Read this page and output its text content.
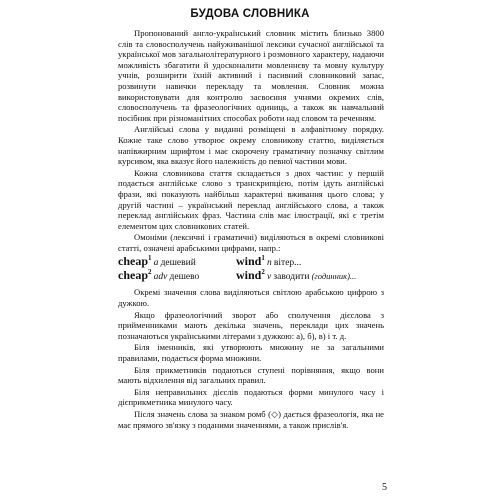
БУДОВА СЛОВНИКА

Пропонований англо-український словник містить близько 3800 слів та словосполучень найуживанішої лексики сучасної англійської та української мов загальнолітературного і розмовного характеру, надаючи можливість збагатити й удосконалити мовленнєву та мовну культуру учнів, розширити їхній активний і пасивний словниковий запас, розвинути навички перекладу та мовлення. Словник можна використовувати для контролю засвоєння учнями окремих слів, словосполучень та фразеологічних одиниць, а також як навчальний посібник при різноманітних способах роботи над словом та реченням.

Англійські слова у виданні розміщені в алфавітному порядку. Кожне таке слово утворює окрему словникову статтю, виділяється напівжирним шрифтом і має скорочену граматичну позначку світлим курсивом, яка вказує його належність до певної частини мови.

Кожна словникова стаття складається з двох частин: у першій подається англійське слово з транскрипцією, потім ідуть англійські фрази, які показують найбільш характерні вживання цього слова; у другій частині – український переклад англійського слова, а також переклад англійських фраз. Частина слів має ілюстрації, які є третім елементом цих словникових статей.

Омоніми (лексичні і граматичні) виділяються в окремі словникові статті, означені арабськими цифрами, напр.:

cheap$^1$ a дешевий	wind$^1$ n вітер...
cheap$^2$ adv дешево	wind$^2$ v заводити (годинник)...

Окремі значення слова виділяються світлою арабською цифрою з дужкою.

Якщо фразеологічний зворот або сполучення дієслова з прийменниками мають декілька значень, переклади цих значень позначаються українськими літерами з дужкою: а), б), в) і т. д.

Біля іменників, які утворюють множину не за загальними правилами, подається форма множини.

Біля прикметників подаються ступені порівняння, якщо вони мають відхилення від загальних правил.

Біля неправильних дієслів подаються форми минулого часу і дієприкметника минулого часу.

Після значень слова за знаком ромб (◇) дається фразеологія, яка не має прямого зв'язку з поданими значеннями, а також прислів'я.

5
